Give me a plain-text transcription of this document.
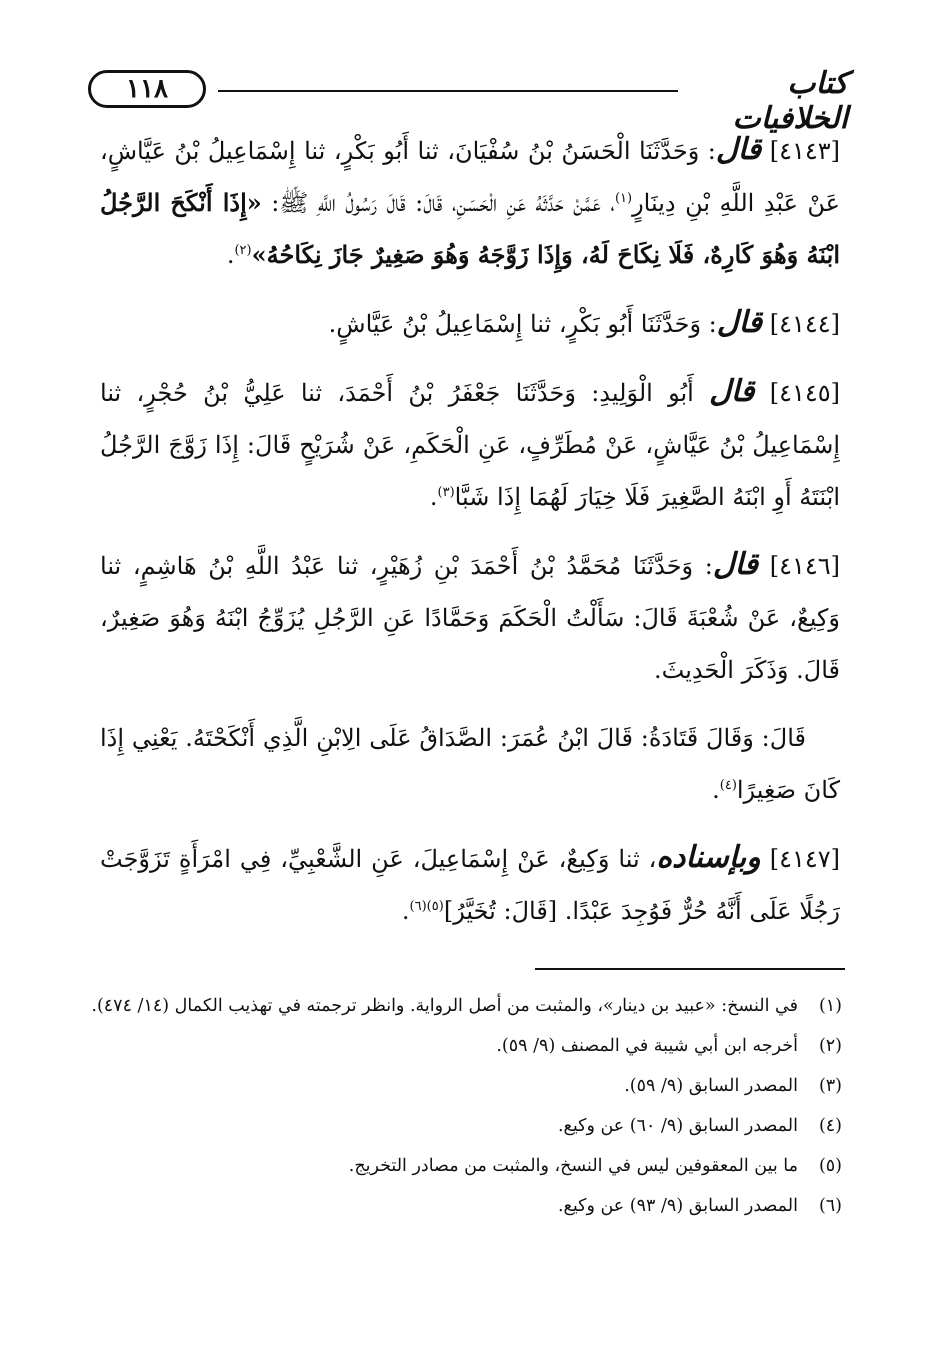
١١٨	كتاب الخلافيات

[٤١٤٣] قال: وَحَدَّثَنَا الْحَسَنُ بْنُ سُفْيَانَ، ثنا أَبُو بَكْرٍ، ثنا إِسْمَاعِيلُ بْنُ عَيَّاشٍ، عَنْ عَبْدِ اللَّهِ بْنِ دِينَارٍ$^{(١)}$، عَمَّنْ حَدَّثَهُ عَنِ الْحَسَنِ، قَالَ: قَالَ رَسُولُ اللَّهِ ﷺ: «إِذَا أَنْكَحَ الرَّجُلُ ابْنَهُ وَهُوَ كَارِهٌ، فَلَا نِكَاحَ لَهُ، وَإِذَا زَوَّجَهُ وَهُوَ صَغِيرٌ جَازَ نِكَاحُهُ»$^{(٢)}$.

[٤١٤٤] قال: وَحَدَّثَنَا أَبُو بَكْرٍ، ثنا إِسْمَاعِيلُ بْنُ عَيَّاشٍ.

[٤١٤٥] قال أَبُو الْوَلِيدِ: وَحَدَّثَنَا جَعْفَرُ بْنُ أَحْمَدَ، ثنا عَلِيُّ بْنُ حُجْرٍ، ثنا إِسْمَاعِيلُ بْنُ عَيَّاشٍ، عَنْ مُطَرِّفٍ، عَنِ الْحَكَمِ، عَنْ شُرَيْحٍ قَالَ: إِذَا زَوَّجَ الرَّجُلُ ابْنَتَهُ أَوِ ابْنَهُ الصَّغِيرَ فَلَا خِيَارَ لَهُمَا إِذَا شَبَّا$^{(٣)}$.

[٤١٤٦] قال: وَحَدَّثَنَا مُحَمَّدُ بْنُ أَحْمَدَ بْنِ زُهَيْرٍ، ثنا عَبْدُ اللَّهِ بْنُ هَاشِمٍ، ثنا وَكِيعٌ، عَنْ شُعْبَةَ قَالَ: سَأَلْتُ الْحَكَمَ وَحَمَّادًا عَنِ الرَّجُلِ يُزَوِّجُ ابْنَهُ وَهُوَ صَغِيرٌ، قَالَ. وَذَكَرَ الْحَدِيثَ.

قَالَ: وَقَالَ قَتَادَةُ: قَالَ ابْنُ عُمَرَ: الصَّدَاقُ عَلَى الِابْنِ الَّذِي أَنْكَحْتَهُ. يَعْنِي إِذَا كَانَ صَغِيرًا$^{(٤)}$.

[٤١٤٧] وبإسناده، ثنا وَكِيعٌ، عَنْ إِسْمَاعِيلَ، عَنِ الشَّعْبِيِّ، فِي امْرَأَةٍ تَزَوَّجَتْ رَجُلًا عَلَى أَنَّهُ حُرٌّ فَوُجِدَ عَبْدًا. [قَالَ: تُخَيَّرُ]$^{(٥)(٦)}$.

(١)
في النسخ: «عبيد بن دينار»، والمثبت من أصل الرواية. وانظر ترجمته في تهذيب الكمال (١٤/ ٤٧٤).
(٢)
أخرجه ابن أبي شيبة في المصنف (٩/ ٥٩).
(٣)
المصدر السابق (٩/ ٥٩).
(٤)
المصدر السابق (٩/ ٦٠) عن وكيع.
(٥)
ما بين المعقوفين ليس في النسخ، والمثبت من مصادر التخريج.
(٦)
المصدر السابق (٩/ ٩٣) عن وكيع.
